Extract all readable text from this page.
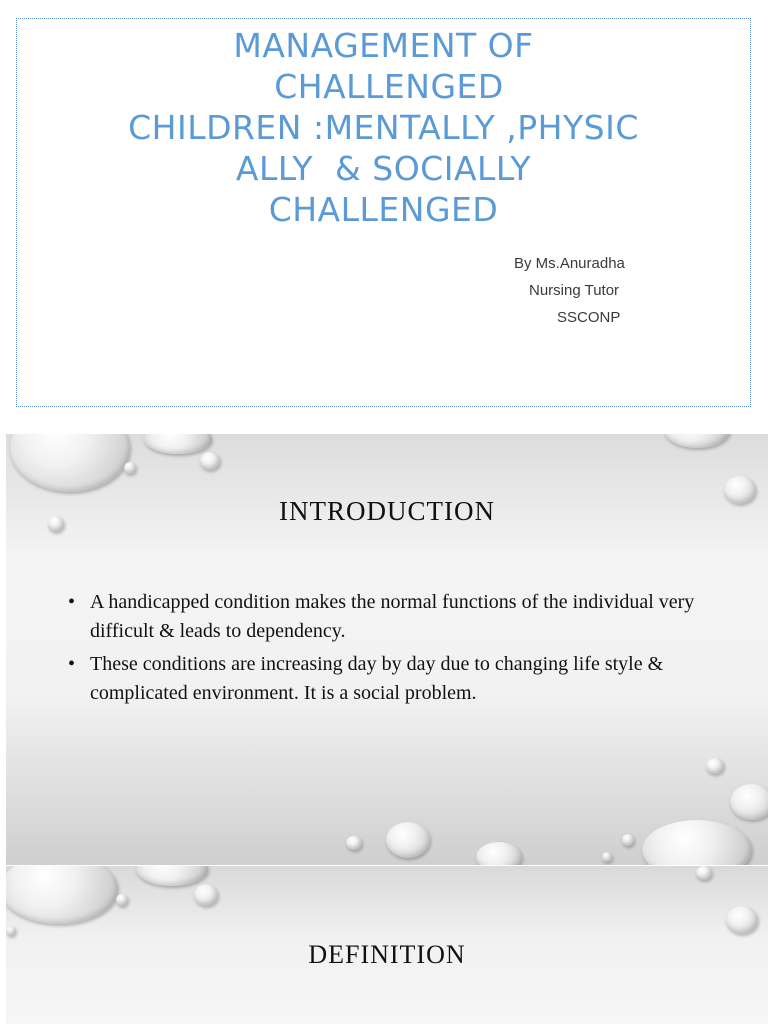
MANAGEMENT OF
CHALLENGED
CHILDREN :MENTALLY ,PHYSIC
ALLY  & SOCIALLY
CHALLENGED
By Ms.Anuradha
Nursing Tutor
SSCONP
INTRODUCTION
• A handicapped condition makes the normal functions of the individual very difficult & leads to dependency.
• These conditions are increasing day by day due to changing life style & complicated environment. It is a social problem.
DEFINITION
